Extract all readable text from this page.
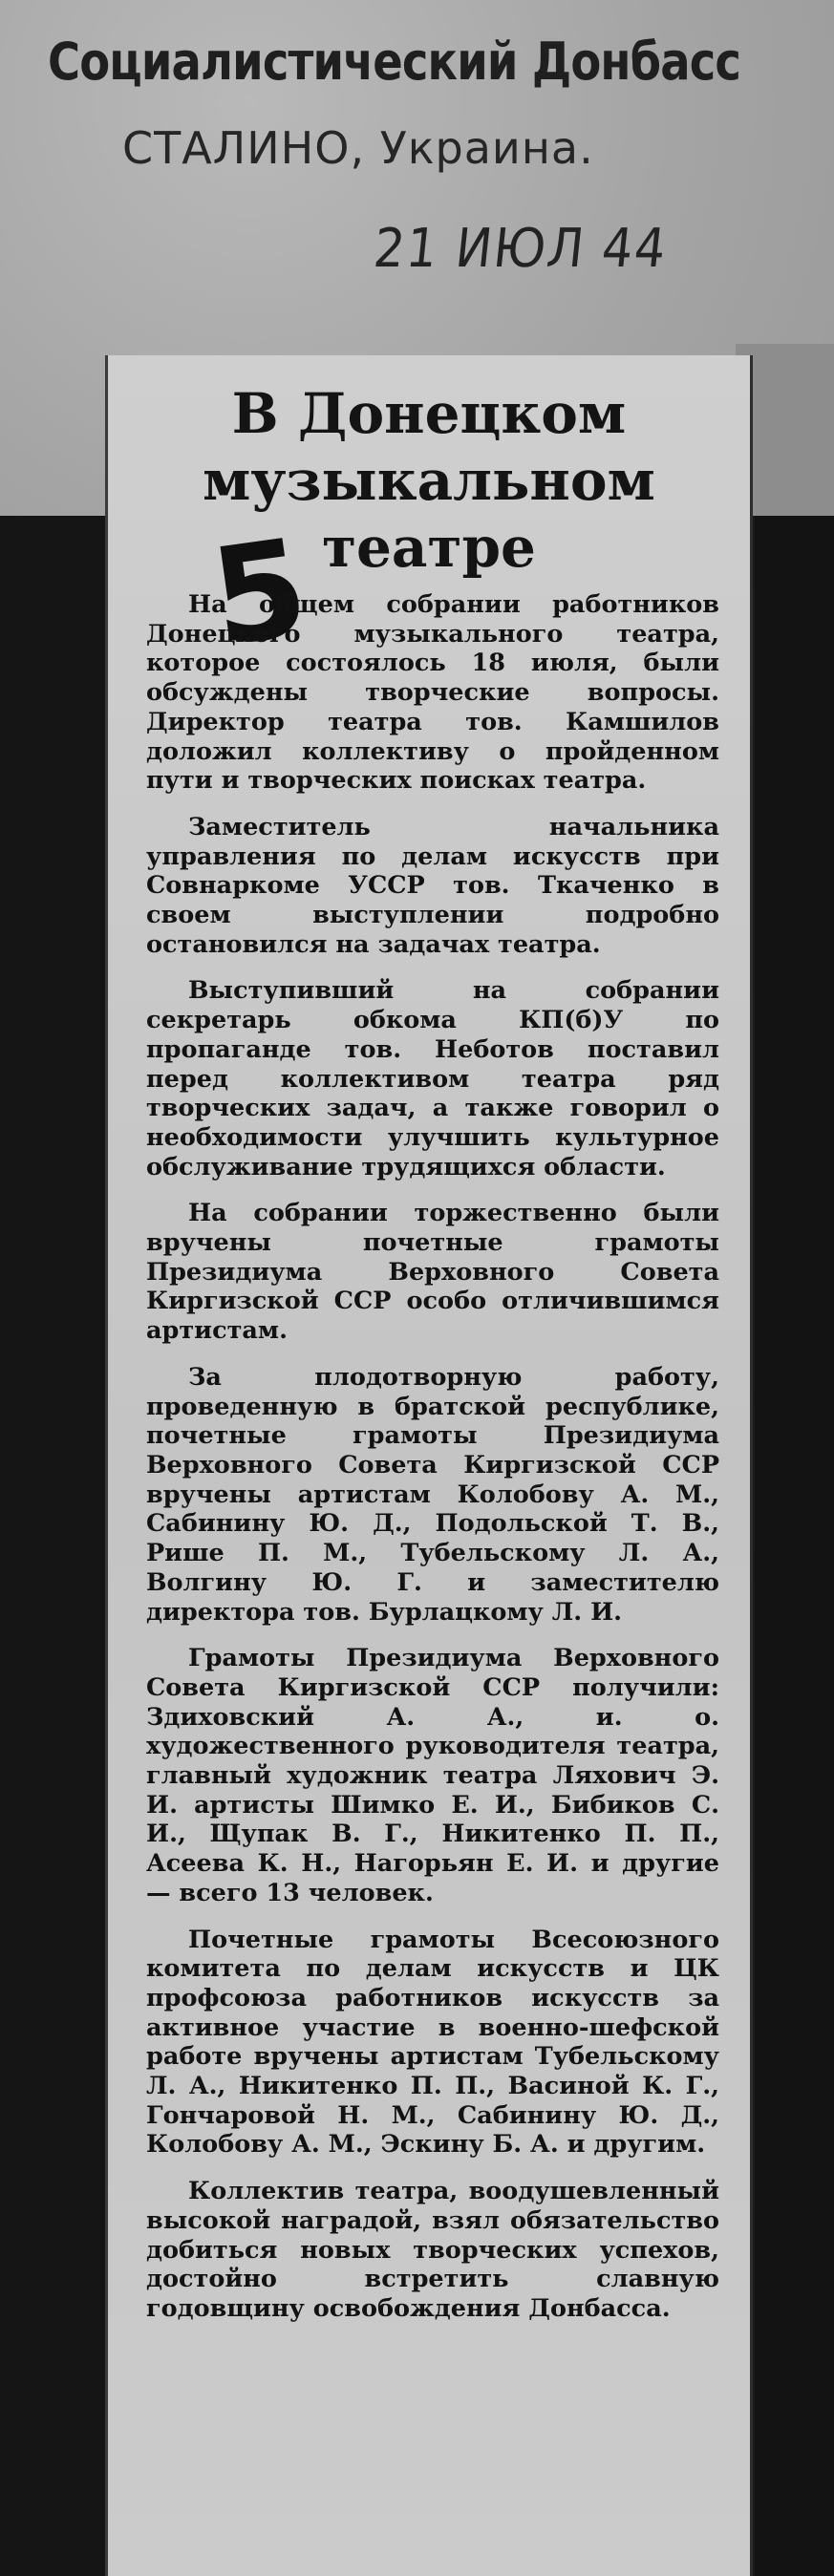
Социалистический Донбасс
СТАЛИНО, Украина.
21 ИЮЛ 44
В Донецком
музыкальном
театре
5

На общем собрании работников Донецкого музыкального театра, которое состоялось 18 июля, были обсуждены творческие вопросы. Директор театра тов. Камшилов доложил коллективу о пройденном пути и творческих поисках театра.

Заместитель начальника управления по делам искусств при Совнаркоме УССР тов. Ткаченко в своем выступлении подробно остановился на задачах театра.

Выступивший на собрании секретарь обкома КП(б)У по пропаганде тов. Неботов поставил перед коллективом театра ряд творческих задач, а также говорил о необходимости улучшить культурное обслуживание трудящихся области.

На собрании торжественно были вручены почетные грамоты Президиума Верховного Совета Киргизской ССР особо отличившимся артистам.

За плодотворную работу, проведенную в братской республике, почетные грамоты Президиума Верховного Совета Киргизской ССР вручены артистам Колобову А. М., Сабинину Ю. Д., Подольской Т. В., Рише П. М., Тубельскому Л. А., Волгину Ю. Г. и заместителю директора тов. Бурлацкому Л. И.

Грамоты Президиума Верховного Совета Киргизской ССР получили: Здиховский А. А., и. о. художественного руководителя театра, главный художник театра Ляхович Э. И. артисты Шимко Е. И., Бибиков С. И., Щупак В. Г., Никитенко П. П., Асеева К. Н., Нагорьян Е. И. и другие — всего 13 человек.

Почетные грамоты Всесоюзного комитета по делам искусств и ЦК профсоюза работников искусств за активное участие в военно-шефской работе вручены артистам Тубельскому Л. А., Никитенко П. П., Васиной К. Г., Гончаровой Н. М., Сабинину Ю. Д., Колобову А. М., Эскину Б. А. и другим.

Коллектив театра, воодушевленный высокой наградой, взял обязательство добиться новых творческих успехов, достойно встретить славную годовщину освобождения Донбасса.
